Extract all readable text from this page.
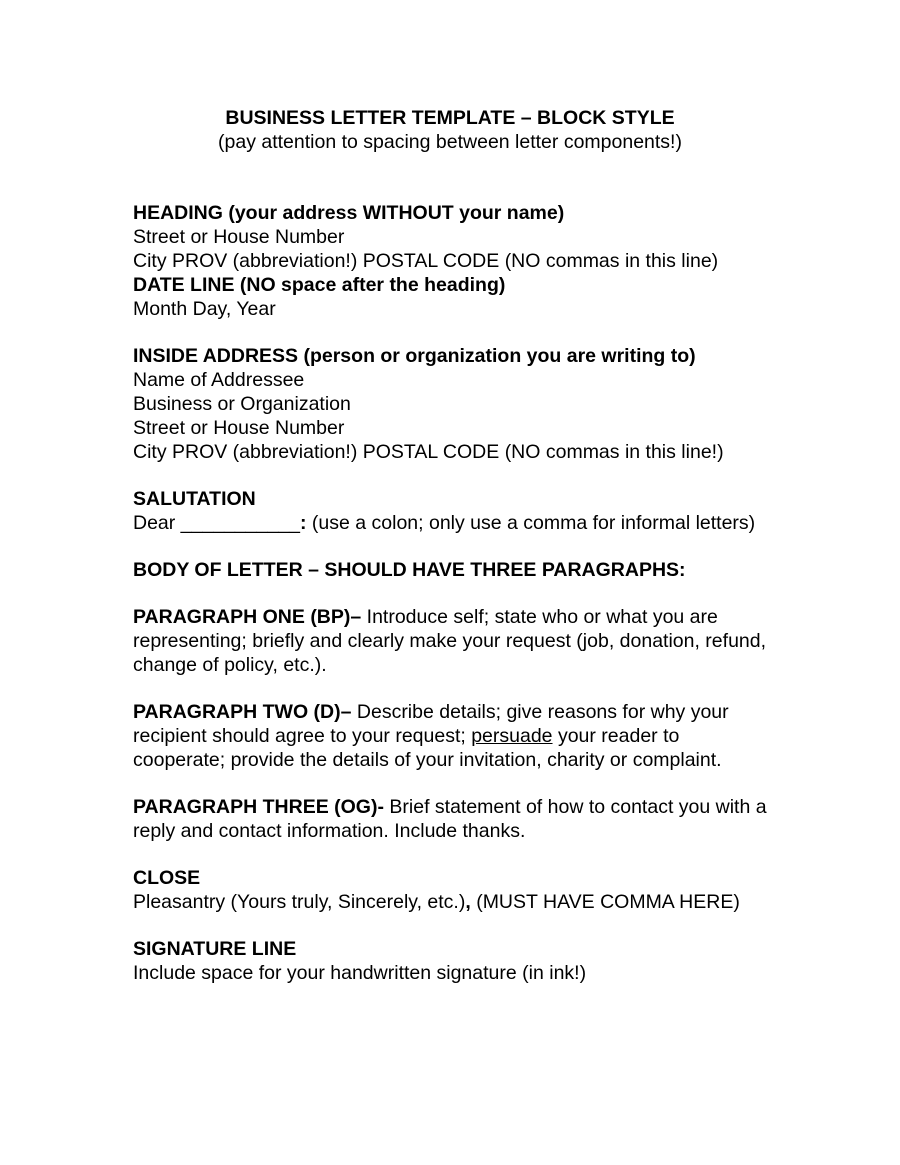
BUSINESS LETTER TEMPLATE – BLOCK STYLE
(pay attention to spacing between letter components!)
HEADING (your address WITHOUT your name)
Street or House Number
City PROV (abbreviation!) POSTAL CODE (NO commas in this line)
DATE LINE (NO space after the heading)
Month Day, Year
INSIDE ADDRESS (person or organization you are writing to)
Name of Addressee
Business or Organization
Street or House Number
City PROV (abbreviation!) POSTAL CODE (NO commas in this line!)
SALUTATION
Dear ___________: (use a colon; only use a comma for informal letters)
BODY OF LETTER – SHOULD HAVE THREE PARAGRAPHS:
PARAGRAPH ONE (BP)– Introduce self; state who or what you are representing; briefly and clearly make your request (job, donation, refund, change of policy, etc.).
PARAGRAPH TWO (D)– Describe details; give reasons for why your recipient should agree to your request; persuade your reader to cooperate; provide the details of your invitation, charity or complaint.
PARAGRAPH THREE (OG)- Brief statement of how to contact you with a reply and contact information. Include thanks.
CLOSE
Pleasantry (Yours truly, Sincerely, etc.), (MUST HAVE COMMA HERE)
SIGNATURE LINE
Include space for your handwritten signature (in ink!)
